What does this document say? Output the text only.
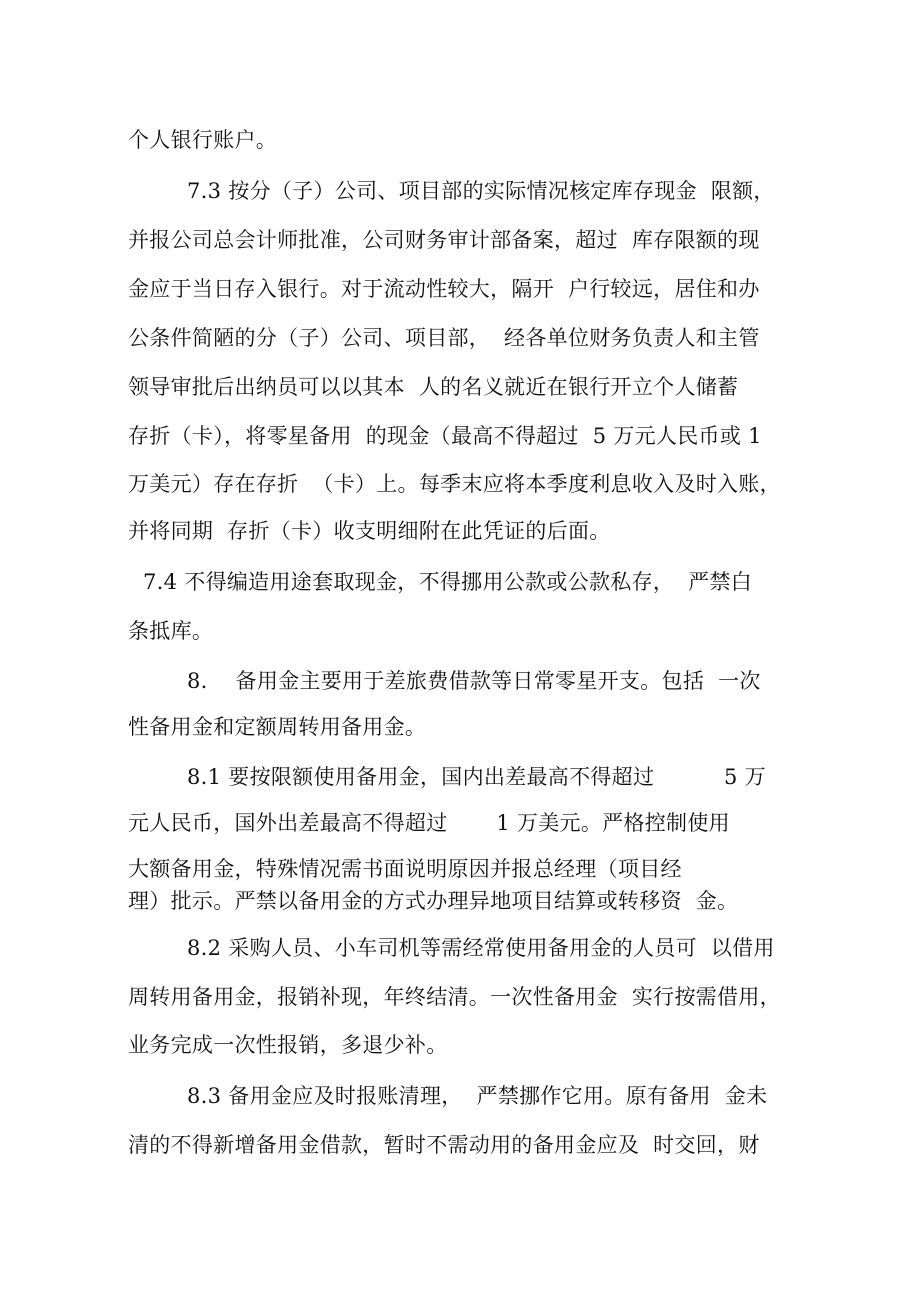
个人银行账户。
7.3 按分（子）公司、项目部的实际情况核定库存现金  限额，
并报公司总会计师批准，公司财务审计部备案，超过  库存限额的现
金应于当日存入银行。对于流动性较大，隔开  户行较远，居住和办
公条件简陋的分（子）公司、项目部，  经各单位财务负责人和主管
领导审批后出纳员可以以其本  人的名义就近在银行开立个人储蓄
存折（卡），将零星备用  的现金（最高不得超过  5 万元人民币或 1
万美元）存在存折  （卡）上。每季末应将本季度利息收入及时入账，
并将同期  存折（卡）收支明细附在此凭证的后面。
7.4 不得编造用途套取现金，不得挪用公款或公款私存，  严禁白
条抵库。
8.    备用金主要用于差旅费借款等日常零星开支。包括  一次
性备用金和定额周转用备用金。
8.1 要按限额使用备用金，国内出差最高不得超过          5 万
元人民币，国外出差最高不得超过       1 万美元。严格控制使用
大额备用金，特殊情况需书面说明原因并报总经理（项目经
理）批示。严禁以备用金的方式办理异地项目结算或转移资  金。
8.2 采购人员、小车司机等需经常使用备用金的人员可  以借用
周转用备用金，报销补现，年终结清。一次性备用金  实行按需借用，
业务完成一次性报销，多退少补。
8.3 备用金应及时报账清理，  严禁挪作它用。原有备用  金未
清的不得新增备用金借款，暂时不需动用的备用金应及  时交回，财
